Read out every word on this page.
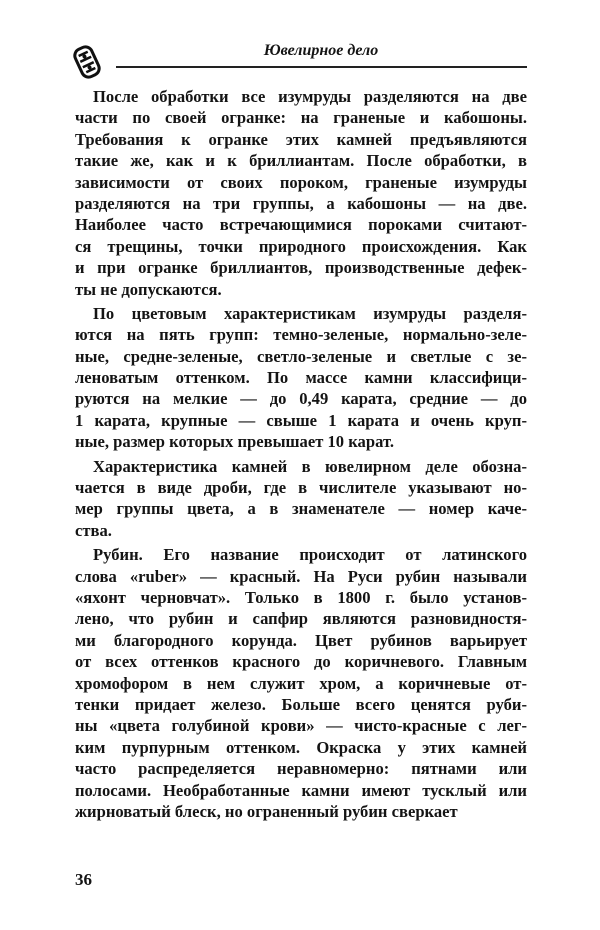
Ювелирное дело
После обработки все изумруды разделяются на две
части по своей огранке: на граненые и кабошоны.
Требования к огранке этих камней предъявляются
такие же, как и к бриллиантам. После обработки, в
зависимости от своих пороком, граненые изумруды
разделяются на три группы, а кабошоны — на две.
Наиболее часто встречающимися пороками считают-
ся трещины, точки природного происхождения. Как
и при огранке бриллиантов, производственные дефек-
ты не допускаются.
По цветовым характеристикам изумруды разделя-
ются на пять групп: темно-зеленые, нормально-зеле-
ные, средне-зеленые, светло-зеленые и светлые с зе-
леноватым оттенком. По массе камни классифици-
руются на мелкие — до 0,49 карата, средние — до
1 карата, крупные — свыше 1 карата и очень круп-
ные, размер которых превышает 10 карат.
Характеристика камней в ювелирном деле обозна-
чается в виде дроби, где в числителе указывают но-
мер группы цвета, а в знаменателе — номер каче-
ства.
Рубин. Его название происходит от латинского
слова «ruber» — красный. На Руси рубин называли
«яхонт черновчат». Только в 1800 г. было установ-
лено, что рубин и сапфир являются разновидностя-
ми благородного корунда. Цвет рубинов варьирует
от всех оттенков красного до коричневого. Главным
хромофором в нем служит хром, а коричневые от-
тенки придает железо. Больше всего ценятся руби-
ны «цвета голубиной крови» — чисто-красные с лег-
ким пурпурным оттенком. Окраска у этих камней
часто распределяется неравномерно: пятнами или
полосами. Необработанные камни имеют тусклый или
жирноватый блеск, но ограненный рубин сверкает
36
